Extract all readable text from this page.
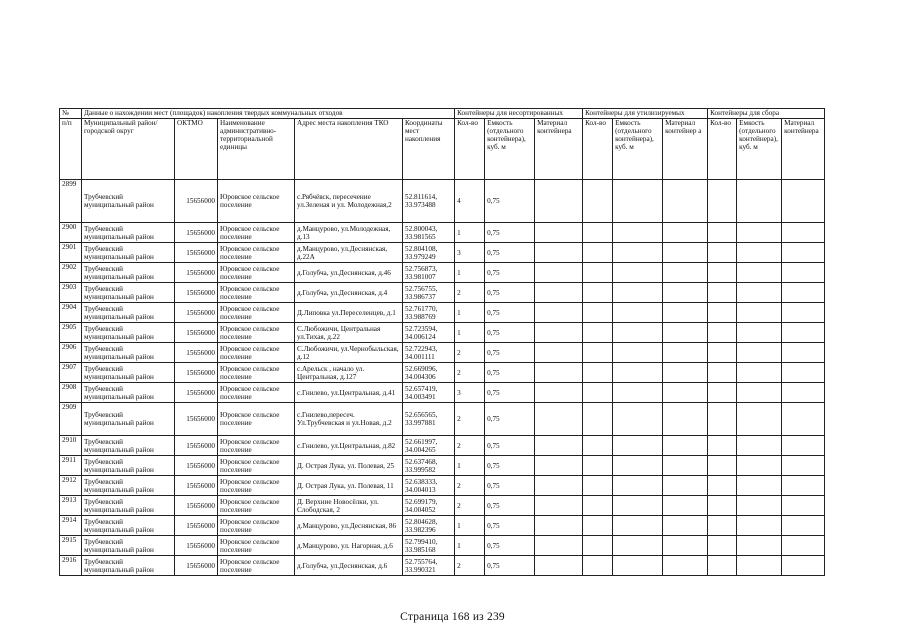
№	Данные о нахождении мест (площадок) накопления твердых коммунальных отходов					Контейнеры для несортированных			Контейнеры для утилизируемых			Контейнеры для сбора		
п/п	Муниципальный район/городской округ	ОКТМО	Наименование административно-территориальной единицы	Адрес места накопления ТКО	Координаты мест накопления	Кол-во	Емкость (отдельного контейнера), куб. м	Материал контейнера	Кол-во	Емкость (отдельного контейнера), куб. м	Материал контейнер а	Кол-во	Емкость (отдельного контейнера), куб. м	Материал контейнера
2899	Трубчевский муниципальный район	15656000	Юровское сельское поселение	с.Рябчёвск, пересечение ул.Зеленая и ул. Молодежная,2	52.811614, 33.973488	4	0,75							
2900	Трубчевский муниципальный район	15656000	Юровское сельское поселение	д.Манцурово, ул.Молодежная, д.13	52.800043, 33.981565	1	0,75							
2901	Трубчевский муниципальный район	15656000	Юровское сельское поселение	д.Манцурово, ул.Деснянская, д.22А	52.804108, 33.979249	3	0,75							
2902	Трубчевский муниципальный район	15656000	Юровское сельское поселение	д.Голубча, ул.Деснянская, д.46	52.756873, 33.981007	1	0,75							
2903	Трубчевский муниципальный район	15656000	Юровское сельское поселение	д.Голубча, ул.Деснянская, д.4	52.756755, 33.986737	2	0,75							
2904	Трубчевский муниципальный район	15656000	Юровское сельское поселение	Д.Липовка ул.Переселенцев, д.1	52.761770, 33.988769	1	0,75							
2905	Трубчевский муниципальный район	15656000	Юровское сельское поселение	С.Любожичи, Центральная ул.Тихая, д.22	52.723594, 34.006124	1	0,75							
2906	Трубчевский муниципальный район	15656000	Юровское сельское поселение	С.Любожичи, ул.Чернобыльская, д.12	52.722943, 34.001111	2	0,75							
2907	Трубчевский муниципальный район	15656000	Юровское сельское поселение	с.Арельск , начало ул. Центральная, д.127	52.669096, 34.004306	2	0,75							
2908	Трубчевский муниципальный район	15656000	Юровское сельское поселение	с.Гнилево, ул.Центральная, д.41	52.657419, 34.003491	3	0,75							
2909	Трубчевский муниципальный район	15656000	Юровское сельское поселение	с.Гнилево,пересеч. Ул.Трубчевская и ул.Новая, д.2	52.656565, 33.997881	2	0,75							
2910	Трубчевский муниципальный район	15656000	Юровское сельское поселение	с.Гнилево, ул.Центральная, д.82	52.661997, 34.004265	2	0,75							
2911	Трубчевский муниципальный район	15656000	Юровское сельское поселение	Д. Острая Лука, ул. Полевая, 25	52.637468, 33.999582	1	0,75							
2912	Трубчевский муниципальный район	15656000	Юровское сельское поселение	Д. Острая Лука, ул. Полевая, 11	52.638333, 34.004013	2	0,75							
2913	Трубчевский муниципальный район	15656000	Юровское сельское поселение	Д. Верхние Новосёлки, ул. Слободская, 2	52.699179, 34.004052	2	0,75							
2914	Трубчевский муниципальный район	15656000	Юровское сельское поселение	д.Манцурово, ул.Деснянская, 86	52.804628, 33.982396	1	0,75							
2915	Трубчевский муниципальный район	15656000	Юровское сельское поселение	д.Манцурово, ул. Нагорная, д.6	52.799410, 33.985168	1	0,75							
2916	Трубчевский муниципальный район	15656000	Юровское сельское поселение	д.Голубча, ул.Деснянская, д.6	52.755764, 33.990321	2	0,75							
Страница 168 из 239
